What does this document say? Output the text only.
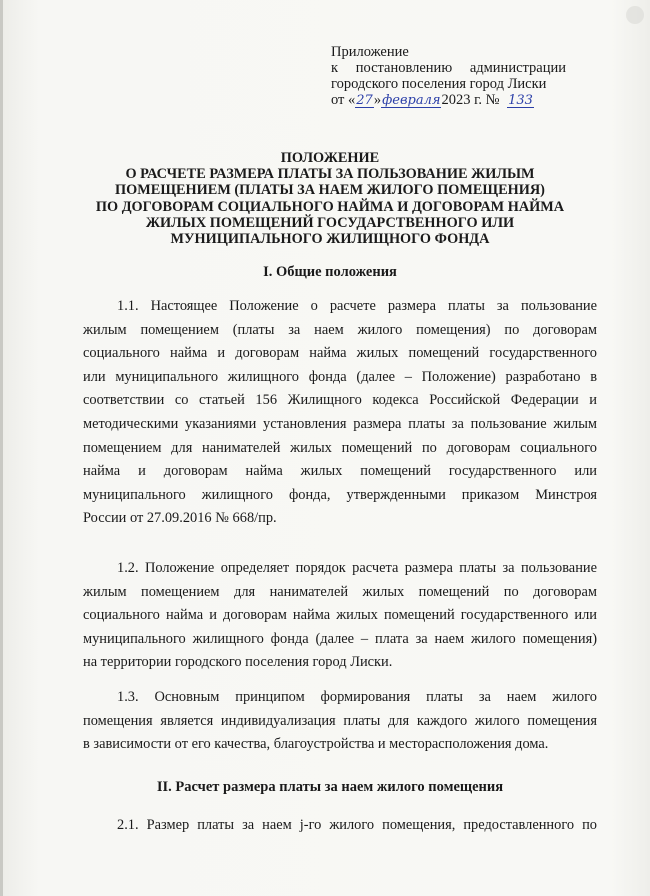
Приложение
к постановлению администрации
городского поселения город Лиски
от «27»февраля2023 г. № 133
ПОЛОЖЕНИЕ
О РАСЧЕТЕ РАЗМЕРА ПЛАТЫ ЗА ПОЛЬЗОВАНИЕ ЖИЛЫМ
ПОМЕЩЕНИЕМ (ПЛАТЫ ЗА НАЕМ ЖИЛОГО ПОМЕЩЕНИЯ)
ПО ДОГОВОРАМ СОЦИАЛЬНОГО НАЙМА И ДОГОВОРАМ НАЙМА
ЖИЛЫХ ПОМЕЩЕНИЙ ГОСУДАРСТВЕННОГО ИЛИ
МУНИЦИПАЛЬНОГО ЖИЛИЩНОГО ФОНДА
I. Общие положения
1.1. Настоящее Положение о расчете размера платы за пользование
жилым помещением (платы за наем жилого помещения) по договорам
социального найма и договорам найма жилых помещений государственного
или муниципального жилищного фонда (далее – Положение) разработано в
соответствии со статьей 156 Жилищного кодекса Российской Федерации и
методическими указаниями установления размера платы за пользование жилым
помещением для нанимателей жилых помещений по договорам социального
найма и договорам найма жилых помещений государственного или
муниципального жилищного фонда, утвержденными приказом Минстроя
России от 27.09.2016 № 668/пр.
1.2. Положение определяет порядок расчета размера платы за пользование
жилым помещением для нанимателей жилых помещений по договорам
социального найма и договорам найма жилых помещений государственного или
муниципального жилищного фонда (далее – плата за наем жилого помещения)
на территории городского поселения город Лиски.
1.3. Основным принципом формирования платы за наем жилого
помещения является индивидуализация платы для каждого жилого помещения
в зависимости от его качества, благоустройства и месторасположения дома.
II. Расчет размера платы за наем жилого помещения
2.1. Размер платы за наем j-го жилого помещения, предоставленного по
